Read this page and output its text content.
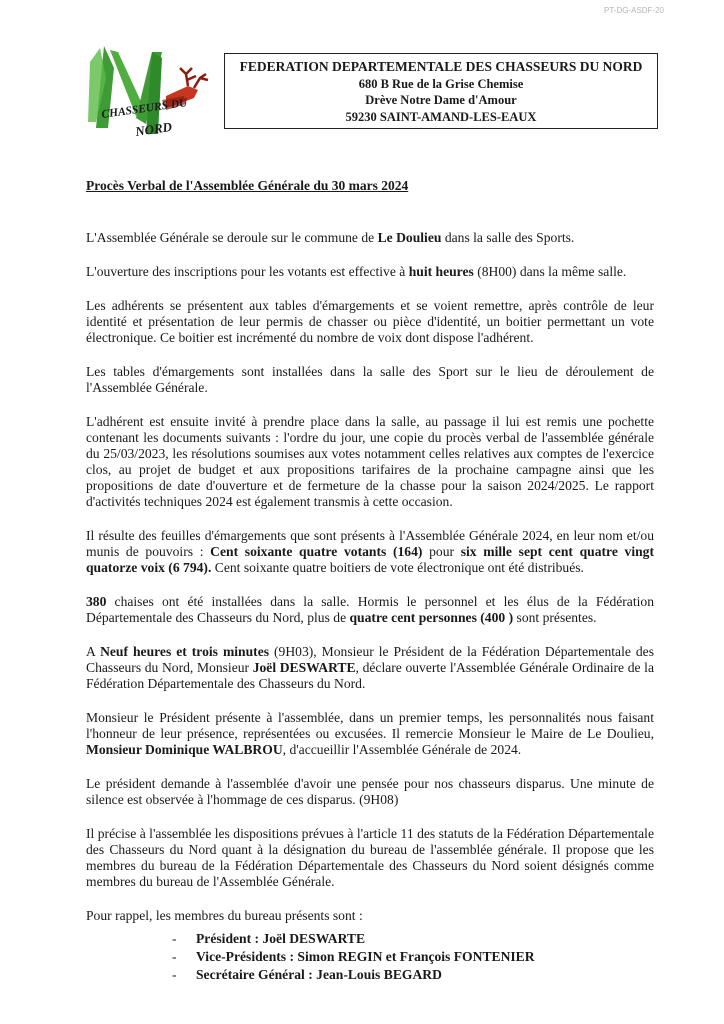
PT-DG-ASDF-20
CHASSEURS DU
NORD
FEDERATION DEPARTEMENTALE DES CHASSEURS DU NORD
680 B Rue de la Grise Chemise
Drève Notre Dame d'Amour
59230 SAINT-AMAND-LES-EAUX
Procès Verbal de l'Assemblée Générale du 30 mars 2024

L'Assemblée Générale se deroule sur le commune de Le Doulieu dans la salle des Sports.

L'ouverture des inscriptions pour les votants est effective à huit heures (8H00) dans la même salle.

Les adhérents se présentent aux tables d'émargements et se voient remettre, après contrôle de leur identité et présentation de leur permis de chasser ou pièce d'identité, un boitier permettant un vote électronique. Ce boitier est incrémenté du nombre de voix dont dispose l'adhérent.

Les tables d'émargements sont installées dans la salle des Sport sur le lieu de déroulement de l'Assemblée Générale.

L'adhérent est ensuite invité à prendre place dans la salle, au passage il lui est remis une pochette contenant les documents suivants : l'ordre du jour, une copie du procès verbal de l'assemblée générale du 25/03/2023, les résolutions soumises aux votes notamment celles relatives aux comptes de l'exercice clos, au projet de budget et aux propositions tarifaires de la prochaine campagne ainsi que les propositions de date d'ouverture et de fermeture de la chasse pour la saison 2024/2025. Le rapport d'activités techniques 2024 est également transmis à cette occasion.

Il résulte des feuilles d'émargements que sont présents à l'Assemblée Générale 2024, en leur nom et/ou munis de pouvoirs : Cent soixante quatre votants (164) pour six mille sept cent quatre vingt quatorze voix (6 794). Cent soixante quatre boitiers de vote électronique ont été distribués.

380 chaises ont été installées dans la salle. Hormis le personnel et les élus de la Fédération Départementale des Chasseurs du Nord, plus de quatre cent personnes (400 ) sont présentes.

A Neuf heures et trois minutes (9H03), Monsieur le Président de la Fédération Départementale des Chasseurs du Nord, Monsieur Joël DESWARTE, déclare ouverte l'Assemblée Générale Ordinaire de la Fédération Départementale des Chasseurs du Nord.

Monsieur le Président présente à l'assemblée, dans un premier temps, les personnalités nous faisant l'honneur de leur présence, représentées ou excusées. Il remercie Monsieur le Maire de Le Doulieu, Monsieur Dominique WALBROU, d'accueillir l'Assemblée Générale de 2024.

Le président demande à l'assemblée d'avoir une pensée pour nos chasseurs disparus. Une minute de silence est observée à l'hommage de ces disparus. (9H08)

Il précise à l'assemblée les dispositions prévues à l'article 11 des statuts de la Fédération Départementale des Chasseurs du Nord quant à la désignation du bureau de l'assemblée générale. Il propose que les membres du bureau de la Fédération Départementale des Chasseurs du Nord soient désignés comme membres du bureau de l'Assemblée Générale.

Pour rappel, les membres du bureau présents sont :

- Président : Joël DESWARTE
- Vice-Présidents : Simon REGIN et François FONTENIER
- Secrétaire Général : Jean-Louis BEGARD
